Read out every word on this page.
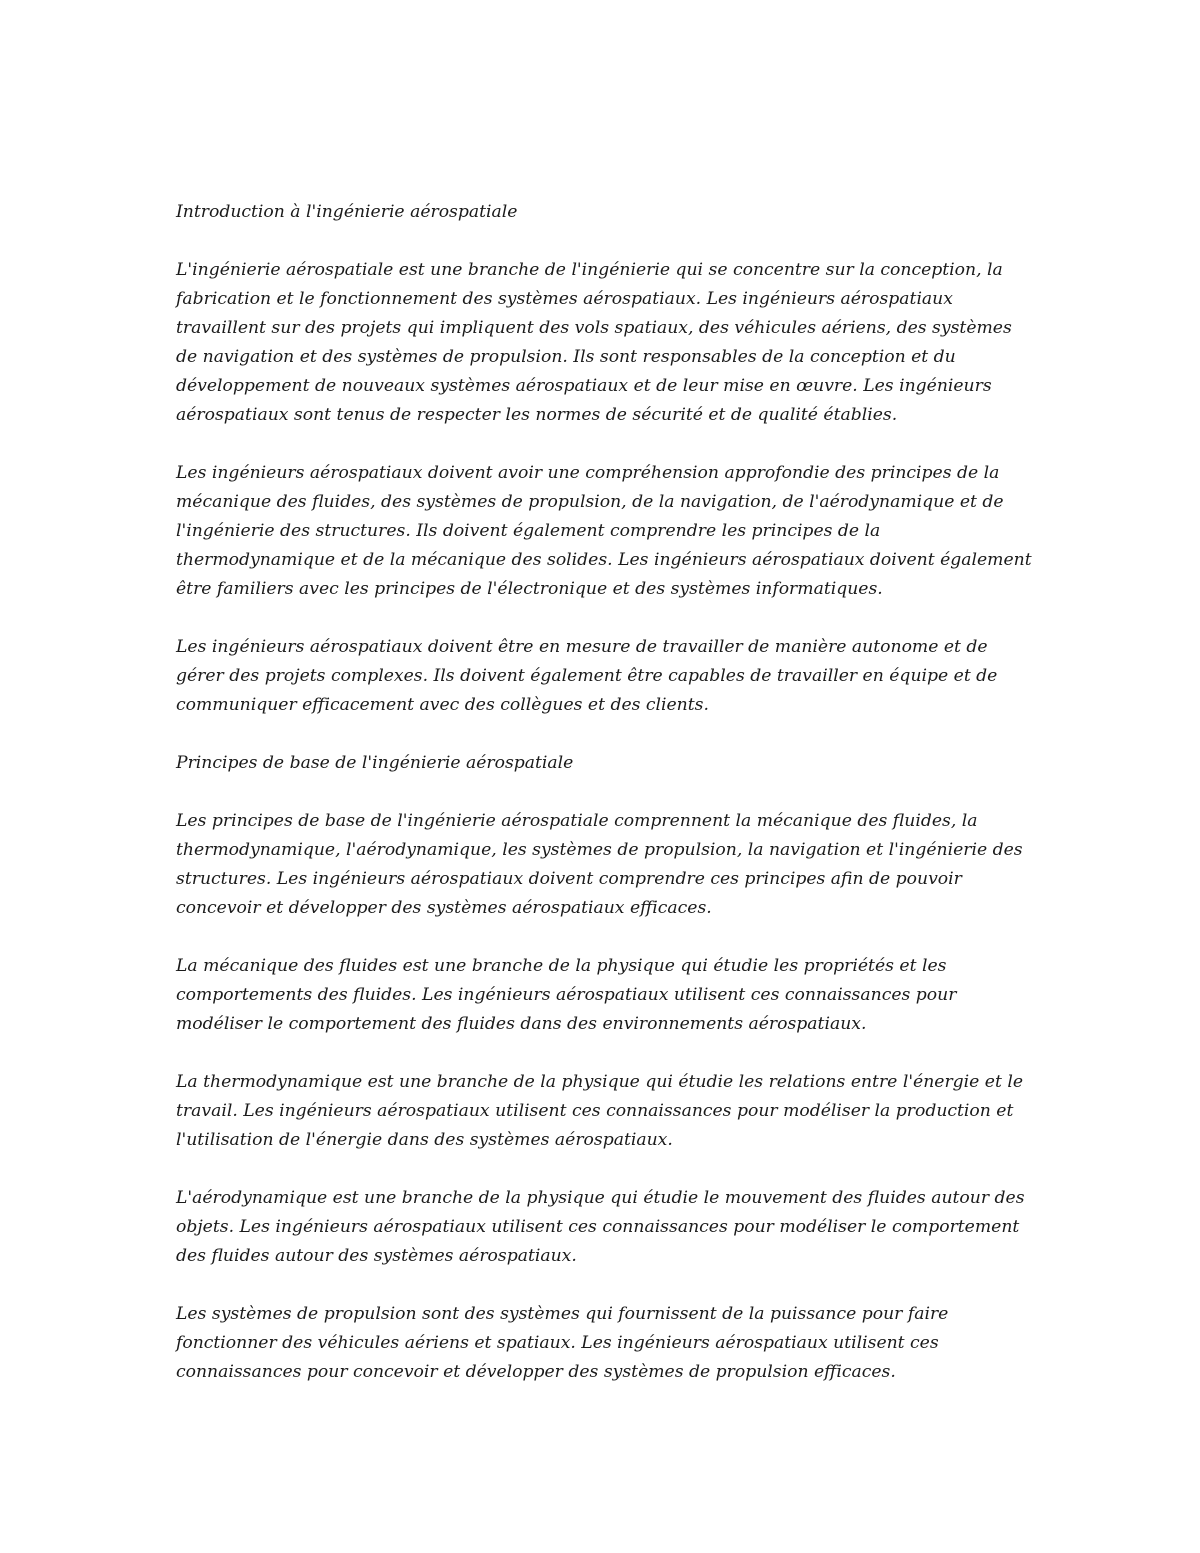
Introduction à l'ingénierie aérospatiale

L'ingénierie aérospatiale est une branche de l'ingénierie qui se concentre sur la conception, la fabrication et le fonctionnement des systèmes aérospatiaux. Les ingénieurs aérospatiaux travaillent sur des projets qui impliquent des vols spatiaux, des véhicules aériens, des systèmes de navigation et des systèmes de propulsion. Ils sont responsables de la conception et du développement de nouveaux systèmes aérospatiaux et de leur mise en œuvre. Les ingénieurs aérospatiaux sont tenus de respecter les normes de sécurité et de qualité établies.

Les ingénieurs aérospatiaux doivent avoir une compréhension approfondie des principes de la mécanique des fluides, des systèmes de propulsion, de la navigation, de l'aérodynamique et de l'ingénierie des structures. Ils doivent également comprendre les principes de la thermodynamique et de la mécanique des solides. Les ingénieurs aérospatiaux doivent également être familiers avec les principes de l'électronique et des systèmes informatiques.

Les ingénieurs aérospatiaux doivent être en mesure de travailler de manière autonome et de gérer des projets complexes. Ils doivent également être capables de travailler en équipe et de communiquer efficacement avec des collègues et des clients.

Principes de base de l'ingénierie aérospatiale

Les principes de base de l'ingénierie aérospatiale comprennent la mécanique des fluides, la thermodynamique, l'aérodynamique, les systèmes de propulsion, la navigation et l'ingénierie des structures. Les ingénieurs aérospatiaux doivent comprendre ces principes afin de pouvoir concevoir et développer des systèmes aérospatiaux efficaces.

La mécanique des fluides est une branche de la physique qui étudie les propriétés et les comportements des fluides. Les ingénieurs aérospatiaux utilisent ces connaissances pour modéliser le comportement des fluides dans des environnements aérospatiaux.

La thermodynamique est une branche de la physique qui étudie les relations entre l'énergie et le travail. Les ingénieurs aérospatiaux utilisent ces connaissances pour modéliser la production et l'utilisation de l'énergie dans des systèmes aérospatiaux.

L'aérodynamique est une branche de la physique qui étudie le mouvement des fluides autour des objets. Les ingénieurs aérospatiaux utilisent ces connaissances pour modéliser le comportement des fluides autour des systèmes aérospatiaux.

Les systèmes de propulsion sont des systèmes qui fournissent de la puissance pour faire fonctionner des véhicules aériens et spatiaux. Les ingénieurs aérospatiaux utilisent ces connaissances pour concevoir et développer des systèmes de propulsion efficaces.
